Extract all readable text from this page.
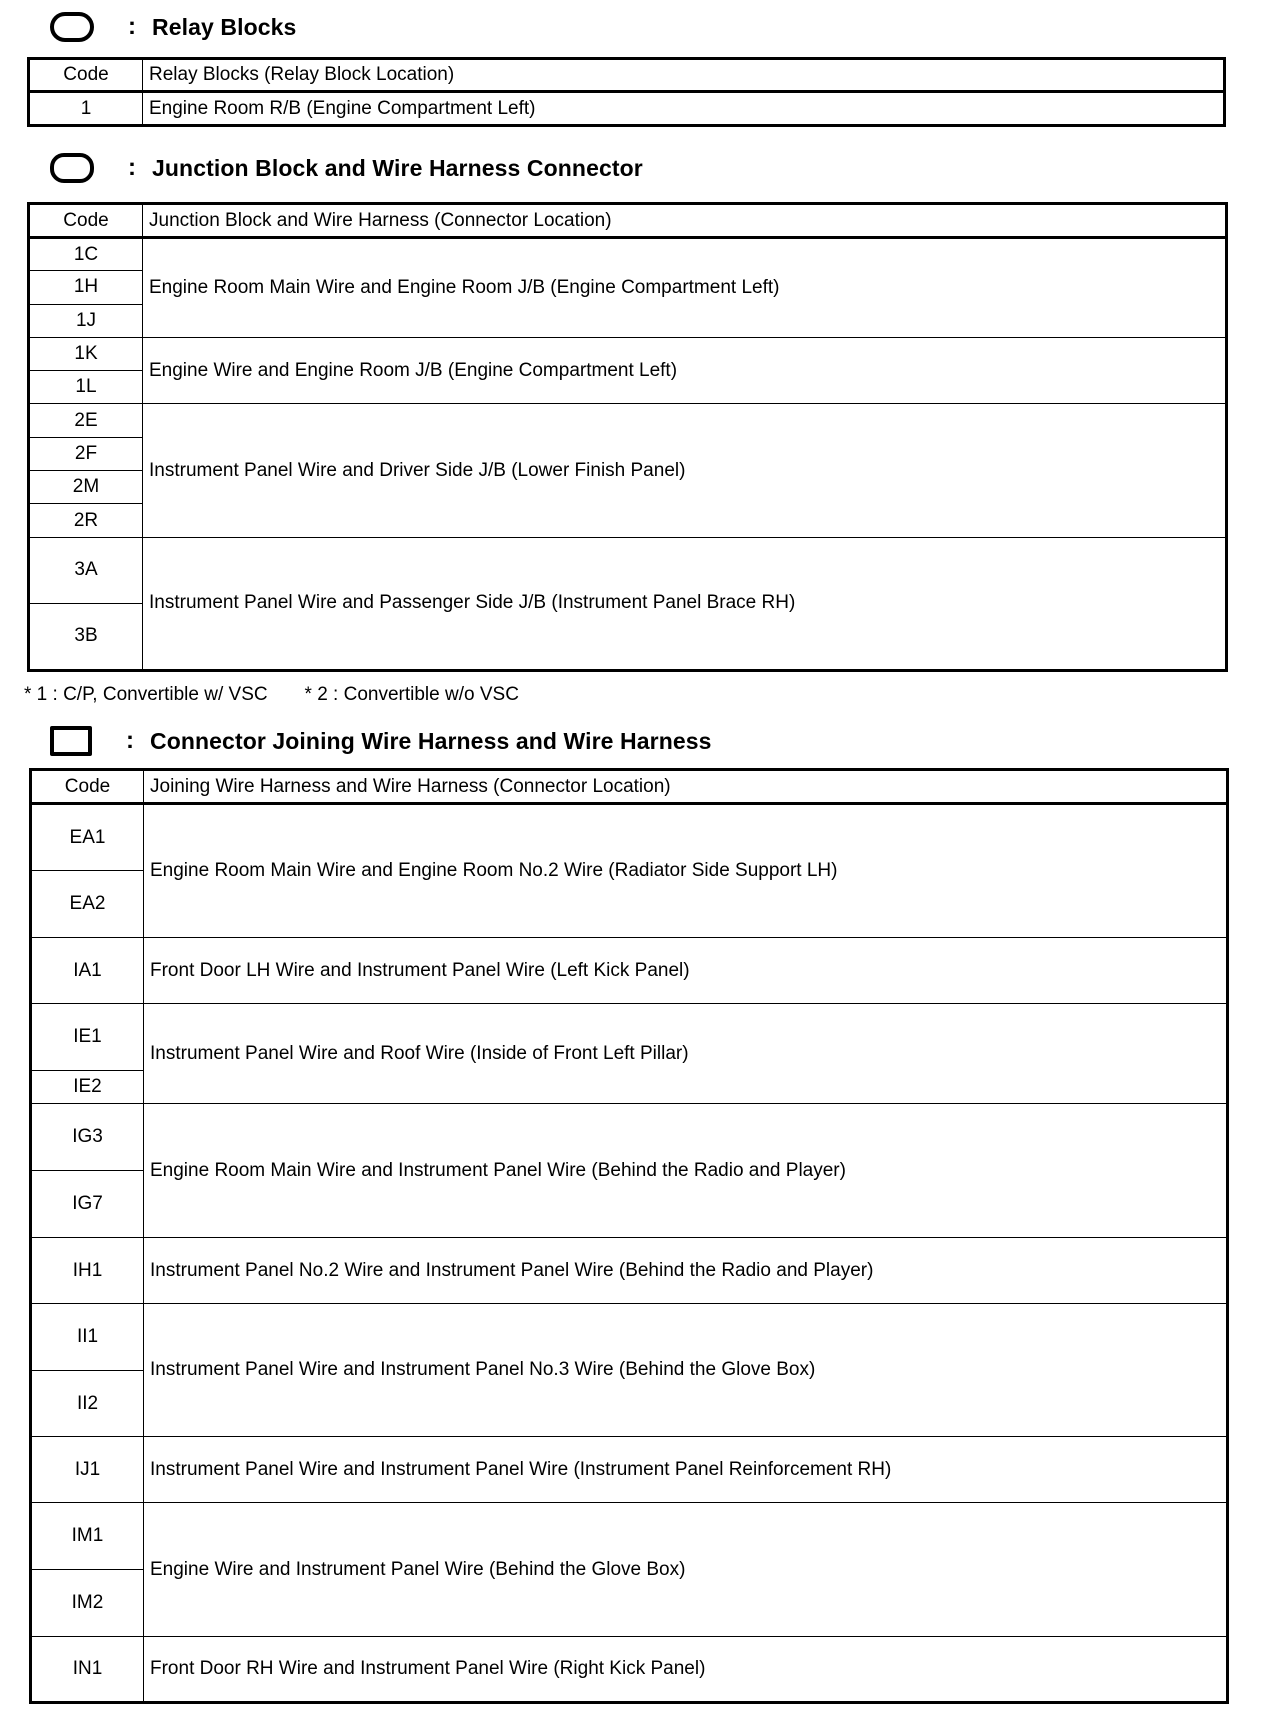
: Relay Blocks
Code	Relay Blocks (Relay Block Location)
1	Engine Room R/B (Engine Compartment Left)
: Junction Block and Wire Harness Connector
Code	Junction Block and Wire Harness (Connector Location)
1C	Engine Room Main Wire and Engine Room J/B (Engine Compartment Left)
1H	
1J	
1K	Engine Wire and Engine Room J/B (Engine Compartment Left)
1L	
2E	Instrument Panel Wire and Driver Side J/B (Lower Finish Panel)
2F	
2M	
2R	
3A	Instrument Panel Wire and Passenger Side J/B (Instrument Panel Brace RH)
3B	
* 1 : C/P, Convertible w/ VSC       * 2 : Convertible w/o VSC
: Connector Joining Wire Harness and Wire Harness
Code	Joining Wire Harness and Wire Harness (Connector Location)
EA1	Engine Room Main Wire and Engine Room No.2 Wire (Radiator Side Support LH)
EA2	
IA1	Front Door LH Wire and Instrument Panel Wire (Left Kick Panel)
IE1	Instrument Panel Wire and Roof Wire (Inside of Front Left Pillar)
IE2	
IG3	Engine Room Main Wire and Instrument Panel Wire (Behind the Radio and Player)
IG7	
IH1	Instrument Panel No.2 Wire and Instrument Panel Wire (Behind the Radio and Player)
II1	Instrument Panel Wire and Instrument Panel No.3 Wire (Behind the Glove Box)
II2	
IJ1	Instrument Panel Wire and Instrument Panel Wire (Instrument Panel Reinforcement RH)
IM1	Engine Wire and Instrument Panel Wire (Behind the Glove Box)
IM2	
IN1	Front Door RH Wire and Instrument Panel Wire (Right Kick Panel)
